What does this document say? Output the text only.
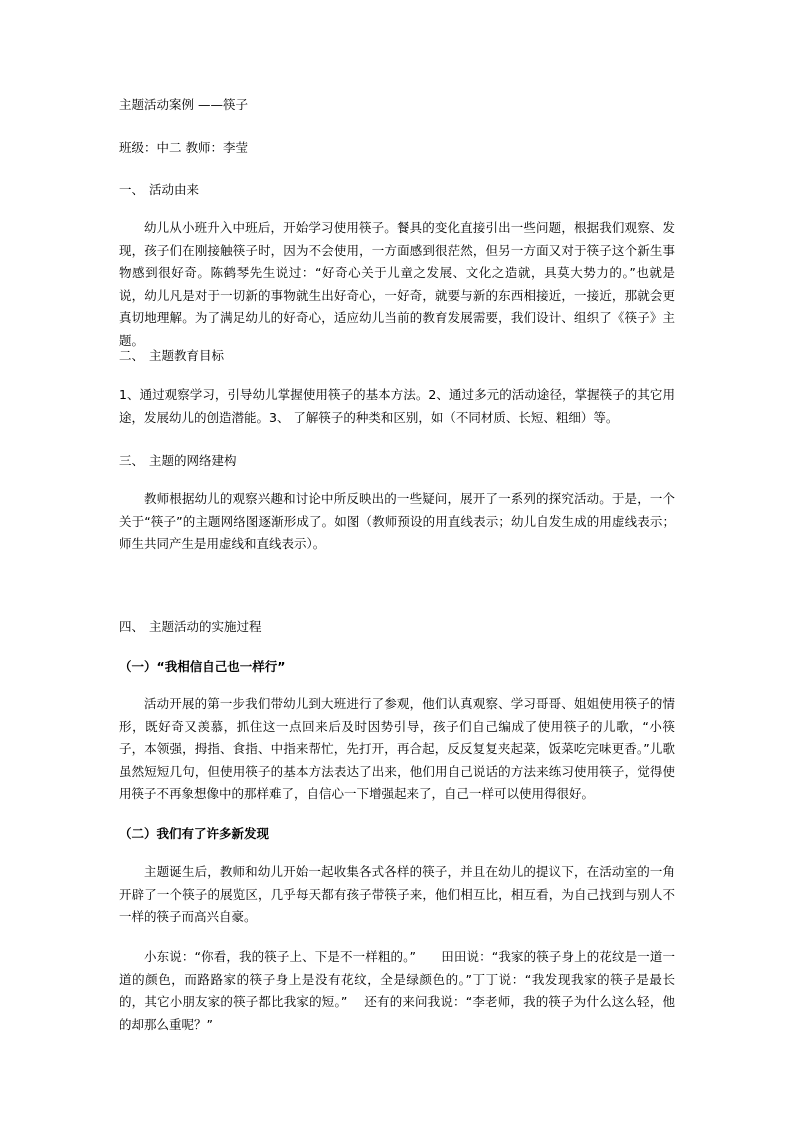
主题活动案例 ——筷子
班级：中二 教师：李莹
一、 活动由来
幼儿从小班升入中班后，开始学习使用筷子。餐具的变化直接引出一些问题，根据我们观察、发现，孩子们在刚接触筷子时，因为不会使用，一方面感到很茫然，但另一方面又对于筷子这个新生事物感到很好奇。陈鹤琴先生说过：“好奇心关于儿童之发展、文化之造就，具莫大势力的。”也就是说，幼儿凡是对于一切新的事物就生出好奇心，一好奇，就要与新的东西相接近，一接近，那就会更真切地理解。为了满足幼儿的好奇心，适应幼儿当前的教育发展需要，我们设计、组织了《筷子》主题。
二、 主题教育目标
1、通过观察学习，引导幼儿掌握使用筷子的基本方法。2、通过多元的活动途径，掌握筷子的其它用途，发展幼儿的创造潜能。3、 了解筷子的种类和区别，如（不同材质、长短、粗细）等。
三、 主题的网络建构
教师根据幼儿的观察兴趣和讨论中所反映出的一些疑问，展开了一系列的探究活动。于是，一个关于“筷子”的主题网络图逐渐形成了。如图（教师预设的用直线表示；幼儿自发生成的用虚线表示；师生共同产生是用虚线和直线表示）。
四、 主题活动的实施过程
（一）“我相信自己也一样行”
活动开展的第一步我们带幼儿到大班进行了参观，他们认真观察、学习哥哥、姐姐使用筷子的情形，既好奇又羡慕，抓住这一点回来后及时因势引导，孩子们自己编成了使用筷子的儿歌，“小筷子，本领强，拇指、食指、中指来帮忙，先打开，再合起，反反复复夹起菜，饭菜吃完味更香。”儿歌虽然短短几句，但使用筷子的基本方法表达了出来，他们用自己说话的方法来练习使用筷子，觉得使用筷子不再象想像中的那样难了，自信心一下增强起来了，自己一样可以使用得很好。
（二）我们有了许多新发现
主题诞生后，教师和幼儿开始一起收集各式各样的筷子，并且在幼儿的提议下，在活动室的一角开辟了一个筷子的展览区，几乎每天都有孩子带筷子来，他们相互比，相互看，为自己找到与别人不一样的筷子而高兴自豪。
小东说：“你看，我的筷子上、下是不一样粗的。”　　田田说：“我家的筷子身上的花纹是一道一道的颜色，而路路家的筷子身上是没有花纹，全是绿颜色的。”丁丁说：“我发现我家的筷子是最长的，其它小朋友家的筷子都比我家的短。”　 还有的来问我说：“李老师，我的筷子为什么这么轻，他的却那么重呢？”
